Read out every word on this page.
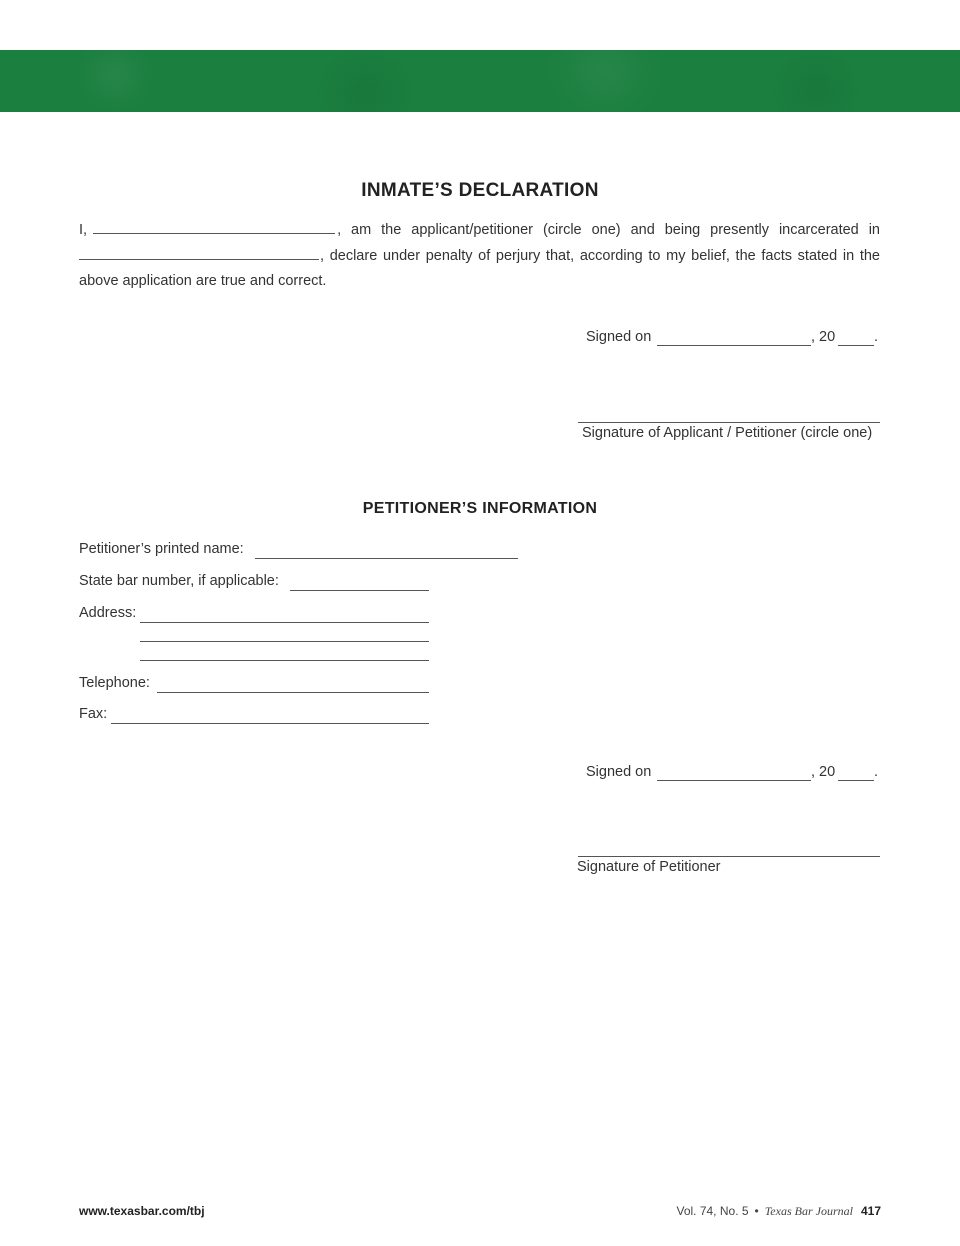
INMATE’S DECLARATION
I,	, am the applicant/petitioner (circle one) and being presently incarcerated in , declare under penalty of perjury that, according to my belief, the facts stated in the above application are true and correct.
Signed on	, 20	.
Signature of Applicant / Petitioner (circle one)
PETITIONER’S INFORMATION
Petitioner’s printed name:
State bar number, if applicable:
Address:
Telephone:
Fax:
Signed on	, 20	.
Signature of Petitioner
www.texasbar.com/tbj	Vol. 74, No. 5 • Texas Bar Journal 417
